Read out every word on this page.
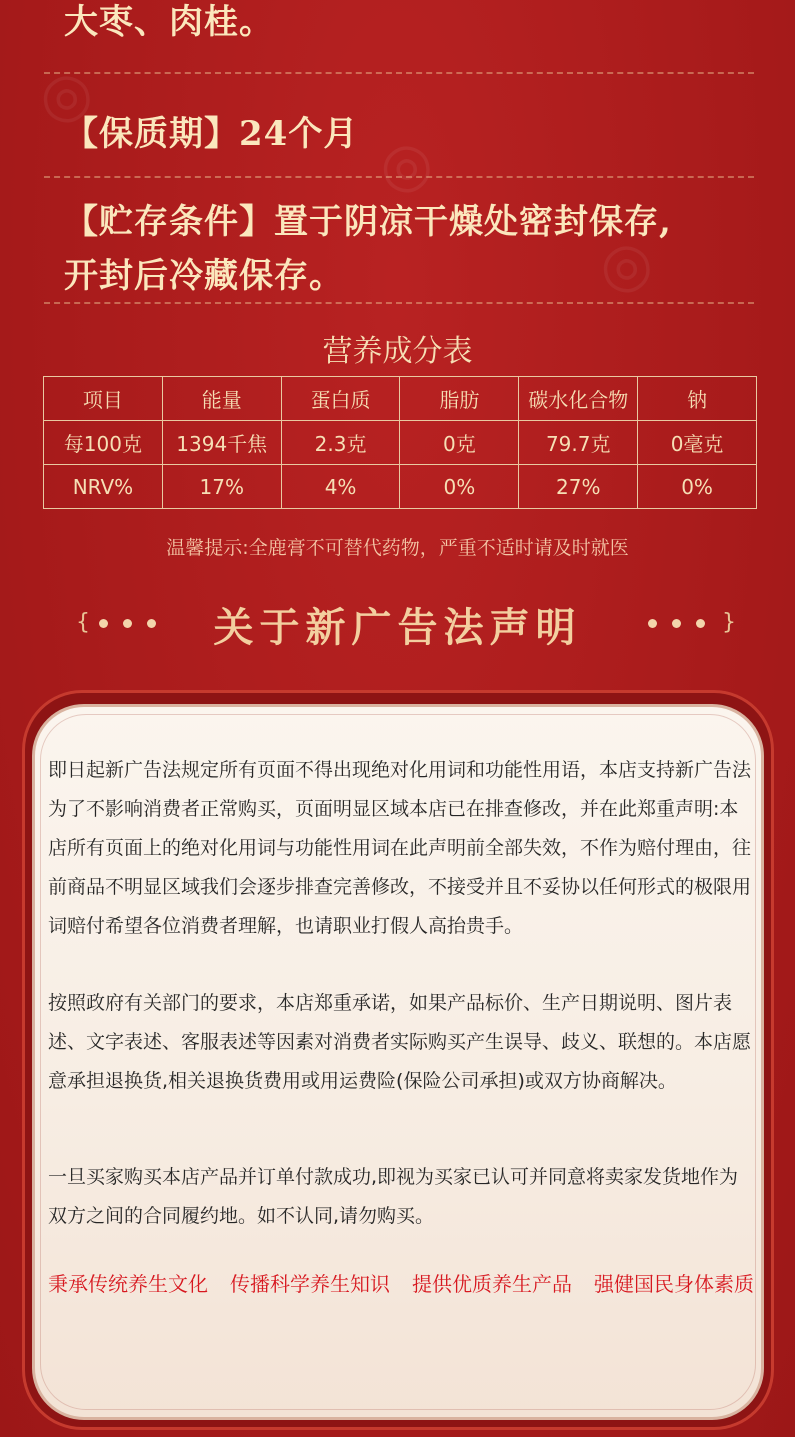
◎
◎
◎
大枣、肉桂。
【保质期】24个月
【贮存条件】置于阴凉干燥处密封保存,
开封后冷藏保存。
营养成分表
项目	能量	蛋白质	脂肪	碳水化合物	钠
每100克	1394千焦	2.3克	0克	79.7克	0毫克
NRV%	17%	4%	0%	27%	0%
温馨提示:全鹿膏不可替代药物，严重不适时请及时就医
{	关于新广告法声明	}
即日起新广告法规定所有页面不得出现绝对化用词和功能性用语，本店支持新广告法为了不影响消费者正常购买，页面明显区域本店已在排查修改，并在此郑重声明:本店所有页面上的绝对化用词与功能性用词在此声明前全部失效，不作为赔付理由，往前商品不明显区域我们会逐步排查完善修改，不接受并且不妥协以任何形式的极限用词赔付希望各位消费者理解，也请职业打假人高抬贵手。
按照政府有关部门的要求，本店郑重承诺，如果产品标价、生产日期说明、图片表述、文字表述、客服表述等因素对消费者实际购买产生误导、歧义、联想的。本店愿意承担退换货,相关退换货费用或用运费险(保险公司承担)或双方协商解决。
一旦买家购买本店产品并订单付款成功,即视为买家已认可并同意将卖家发货地作为双方之间的合同履约地。如不认同,请勿购买。
秉承传统养生文化 传播科学养生知识 提供优质养生产品 强健国民身体素质
